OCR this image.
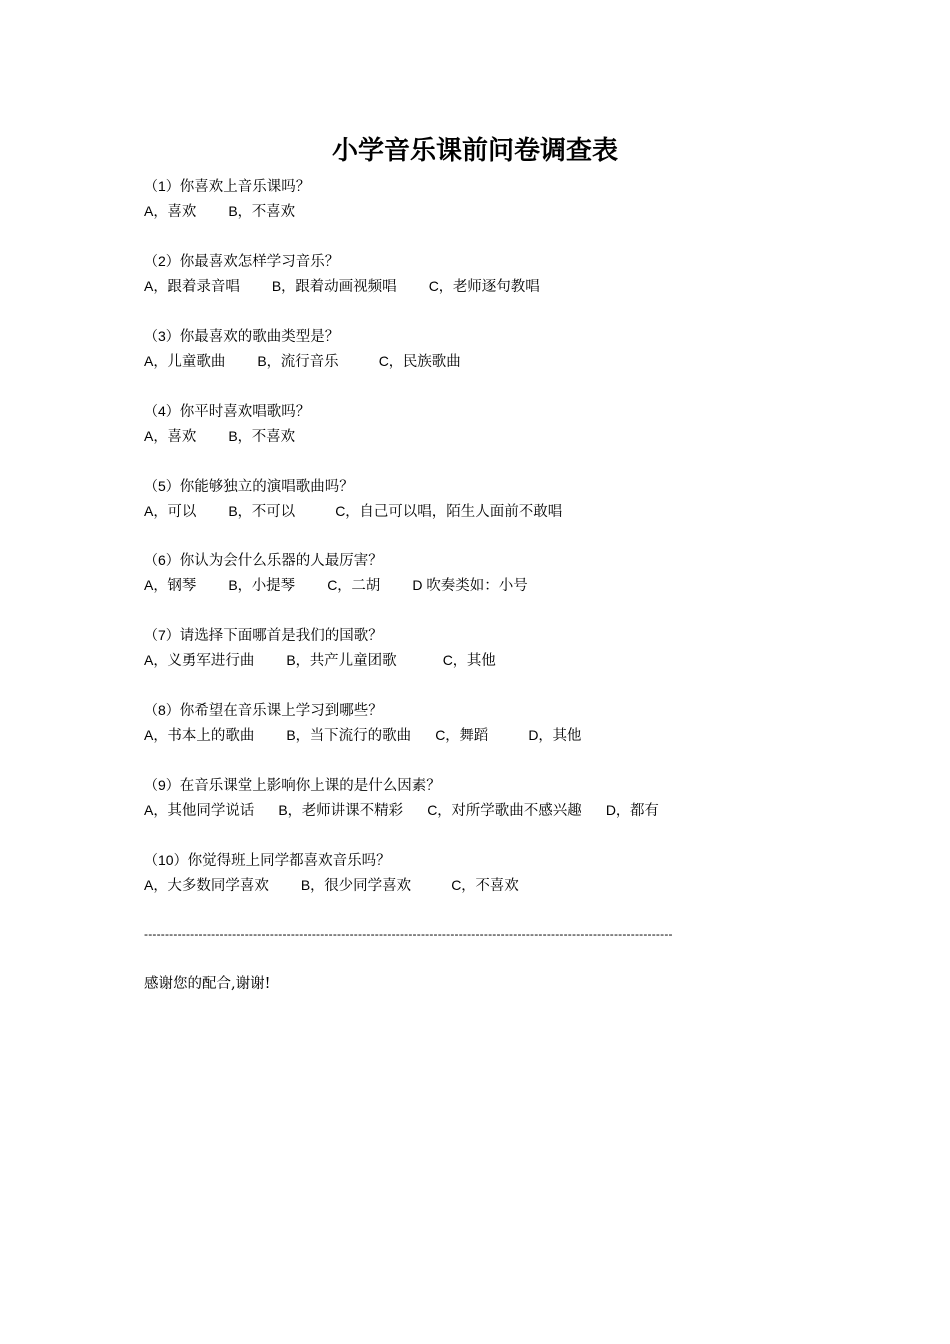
小学音乐课前问卷调查表
（1）你喜欢上音乐课吗？
A，喜欢 B，不喜欢
（2）你最喜欢怎样学习音乐？
A，跟着录音唱 B，跟着动画视频唱 C，老师逐句教唱
（3）你最喜欢的歌曲类型是？
A，儿童歌曲 B，流行音乐	C，民族歌曲
（4）你平时喜欢唱歌吗？
A，喜欢 B，不喜欢
（5）你能够独立的演唱歌曲吗？
A，可以 B，不可以	C，自己可以唱，陌生人面前不敢唱
（6）你认为会什么乐器的人最厉害？
A，钢琴 B，小提琴 C，二胡 D 吹奏类如：小号
（7）请选择下面哪首是我们的国歌？
A，义勇军进行曲 B，共产儿童团歌	C，其他
（8）你希望在音乐课上学习到哪些？
A，书本上的歌曲 B，当下流行的歌曲 C，舞蹈	D，其他
（9）在音乐课堂上影响你上课的是什么因素？
A，其他同学说话 B，老师讲课不精彩 C，对所学歌曲不感兴趣 D，都有
（10）你觉得班上同学都喜欢音乐吗？
A，大多数同学喜欢 B，很少同学喜欢	C，不喜欢
------------------------------------------------------------------------------------------------------------------------------
感谢您的配合,谢谢!
